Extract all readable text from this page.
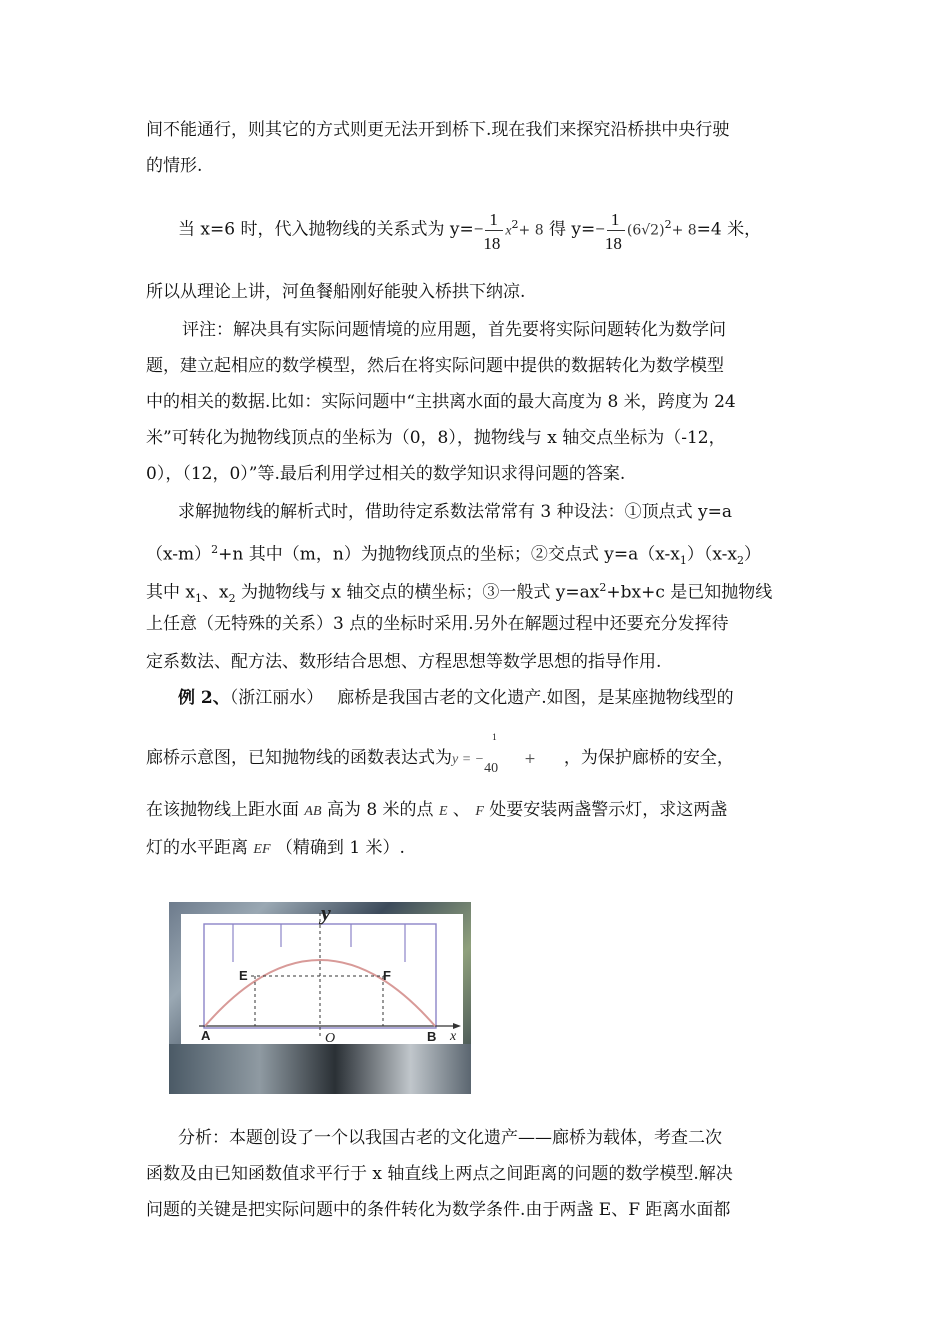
间不能通行，则其它的方式则更无法开到桥下.现在我们来探究沿桥拱中央行驶
的情形.
当 x=6 时，代入抛物线的关系式为 y=− 1
18
$x^2+ 8$ 得 y=− 1
18
$(6√2)^2+ 8=4$ 米，
所以从理论上讲，河鱼餐船刚好能驶入桥拱下纳凉.
评注：解决具有实际问题情境的应用题，首先要将实际问题转化为数学问
题，建立起相应的数学模型，然后在将实际问题中提供的数据转化为数学模型
中的相关的数据.比如：实际问题中“主拱离水面的最大高度为 8 米，跨度为 24
米”可转化为抛物线顶点的坐标为（0，8），抛物线与 x 轴交点坐标为（-12，
0），（12，0）”等.最后利用学过相关的数学知识求得问题的答案.
求解抛物线的解析式时，借助待定系数法常常有 3 种设法：①顶点式 y=a
$(x-m)^2+n$ 其中（m，n）为抛物线顶点的坐标；②交点式 $y=a(x-x_1)(x-x_2)$
其中 $x_1$、$x_2$ 为抛物线与 x 轴交点的横坐标；③一般式 $y=ax^2+bx+c$ 是已知抛物线
上任意（无特殊的关系）3 点的坐标时采用.另外在解题过程中还要充分发挥待
定系数法、配方法、数形结合思想、方程思想等数学思想的指导作用.
例 2、（浙江丽水） 廊桥是我国古老的文化遗产.如图，是某座抛物线型的
廊桥示意图，已知抛物线的函数表达式为y = −
1
40
+ ，为保护廊桥的安全，
在该抛物线上距水面 AB 高为 8 米的点 E 、 F 处要安装两盏警示灯，求这两盏
灯的水平距离 EF （精确到 1 米）.
y
x
O
A	B
E	F
分析：本题创设了一个以我国古老的文化遗产——廊桥为载体，考查二次
函数及由已知函数值求平行于 x 轴直线上两点之间距离的问题的数学模型.解决
问题的关键是把实际问题中的条件转化为数学条件.由于两盏 E、F 距离水面都
